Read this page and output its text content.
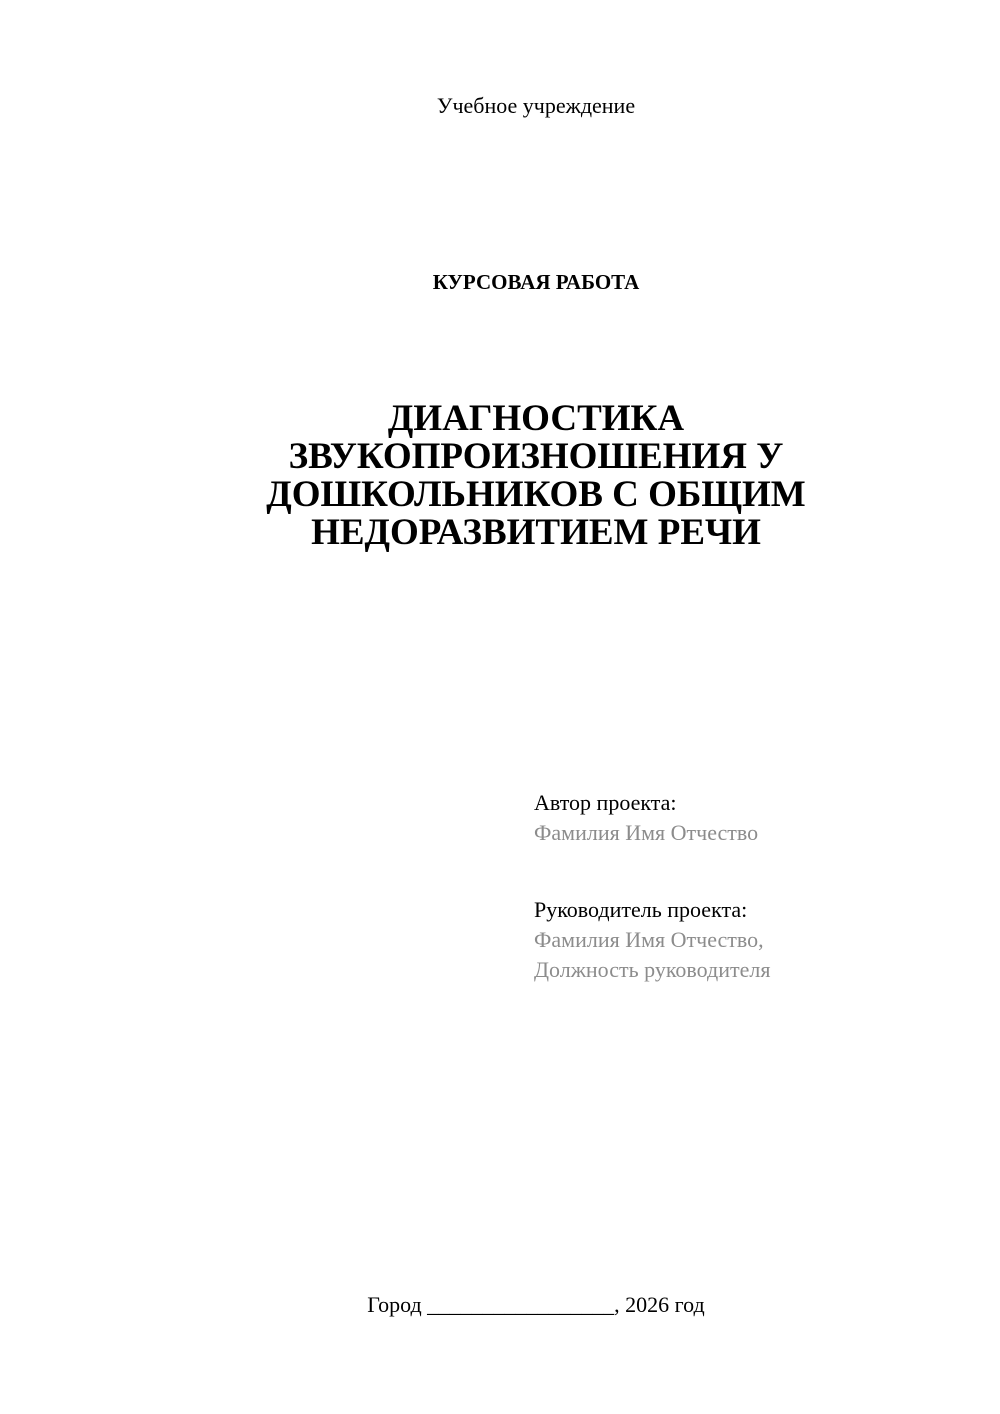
Учебное учреждение
КУРСОВАЯ РАБОТА
ДИАГНОСТИКА
ЗВУКОПРОИЗНОШЕНИЯ У
ДОШКОЛЬНИКОВ С ОБЩИМ
НЕДОРАЗВИТИЕМ РЕЧИ
Автор проекта:
Фамилия Имя Отчество
Руководитель проекта:
Фамилия Имя Отчество,
Должность руководителя
Город _________________, 2026 год
